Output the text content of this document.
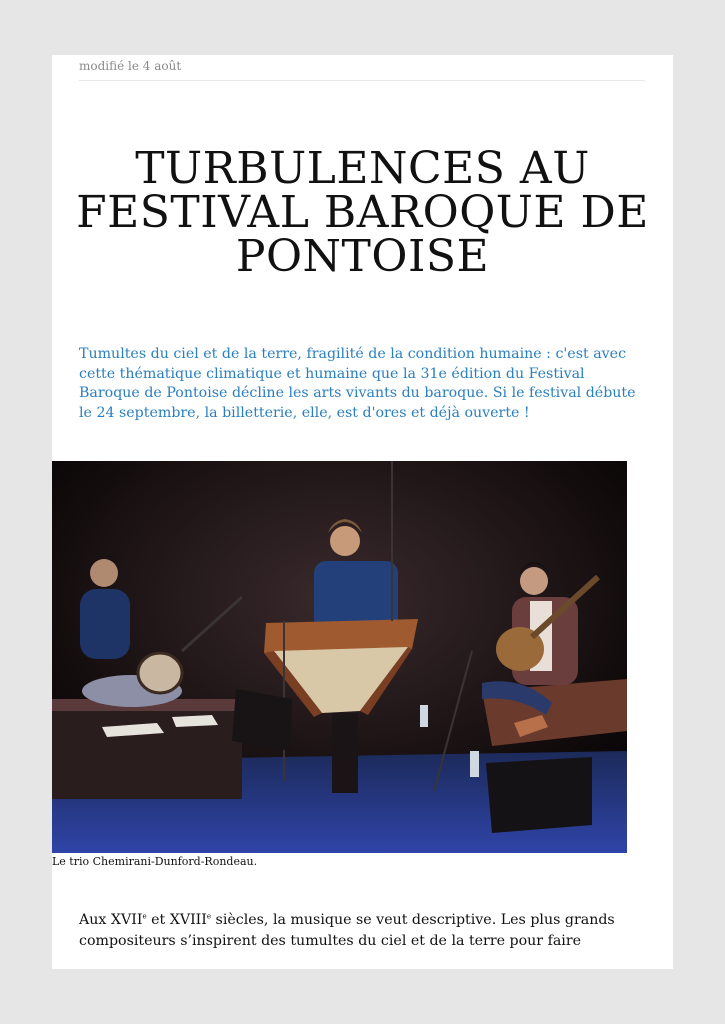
modifié le 4 août
TURBULENCES AU FESTIVAL BAROQUE DE PONTOISE

Tumultes du ciel et de la terre, fragilité de la condition humaine : c'est avec cette thématique climatique et humaine que la 31e édition du Festival Baroque de Pontoise décline les arts vivants du baroque. Si le festival débute le 24 septembre, la billetterie, elle, est d'ores et déjà ouverte !

Le trio Chemirani-Dunford-Rondeau.

Aux XVIIe et XVIIIe siècles, la musique se veut descriptive. Les plus grands compositeurs s’inspirent des tumultes du ciel et de la terre pour faire
